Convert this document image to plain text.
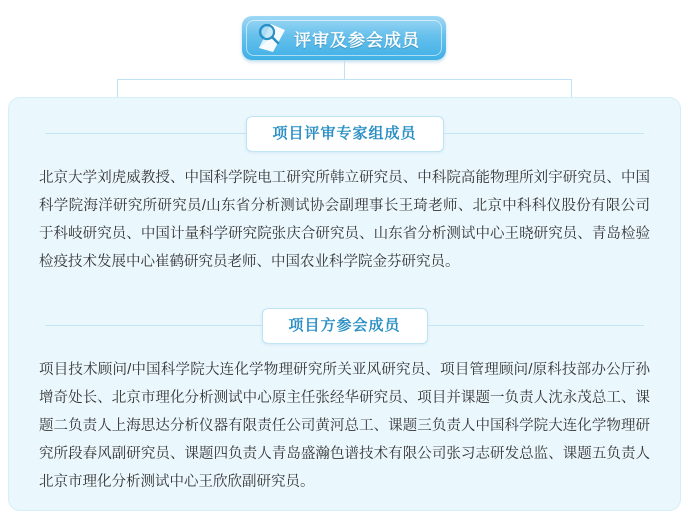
评审及参会成员
项目评审专家组成员
北京大学刘虎威教授、中国科学院电工研究所韩立研究员、中科院高能物理所刘宇研究员、中国科学院海洋研究所研究员/山东省分析测试协会副理事长王琦老师、北京中科科仪股份有限公司于科岐研究员、中国计量科学研究院张庆合研究员、山东省分析测试中心王晓研究员、青岛检验检疫技术发展中心崔鹤研究员老师、中国农业科学院金芬研究员。
项目方参会成员
项目技术顾问/中国科学院大连化学物理研究所关亚风研究员、项目管理顾问/原科技部办公厅孙增奇处长、北京市理化分析测试中心原主任张经华研究员、项目并课题一负责人沈永茂总工、课题二负责人上海思达分析仪器有限责任公司黄河总工、课题三负责人中国科学院大连化学物理研究所段春风副研究员、课题四负责人青岛盛瀚色谱技术有限公司张习志研发总监、课题五负责人北京市理化分析测试中心王欣欣副研究员。
